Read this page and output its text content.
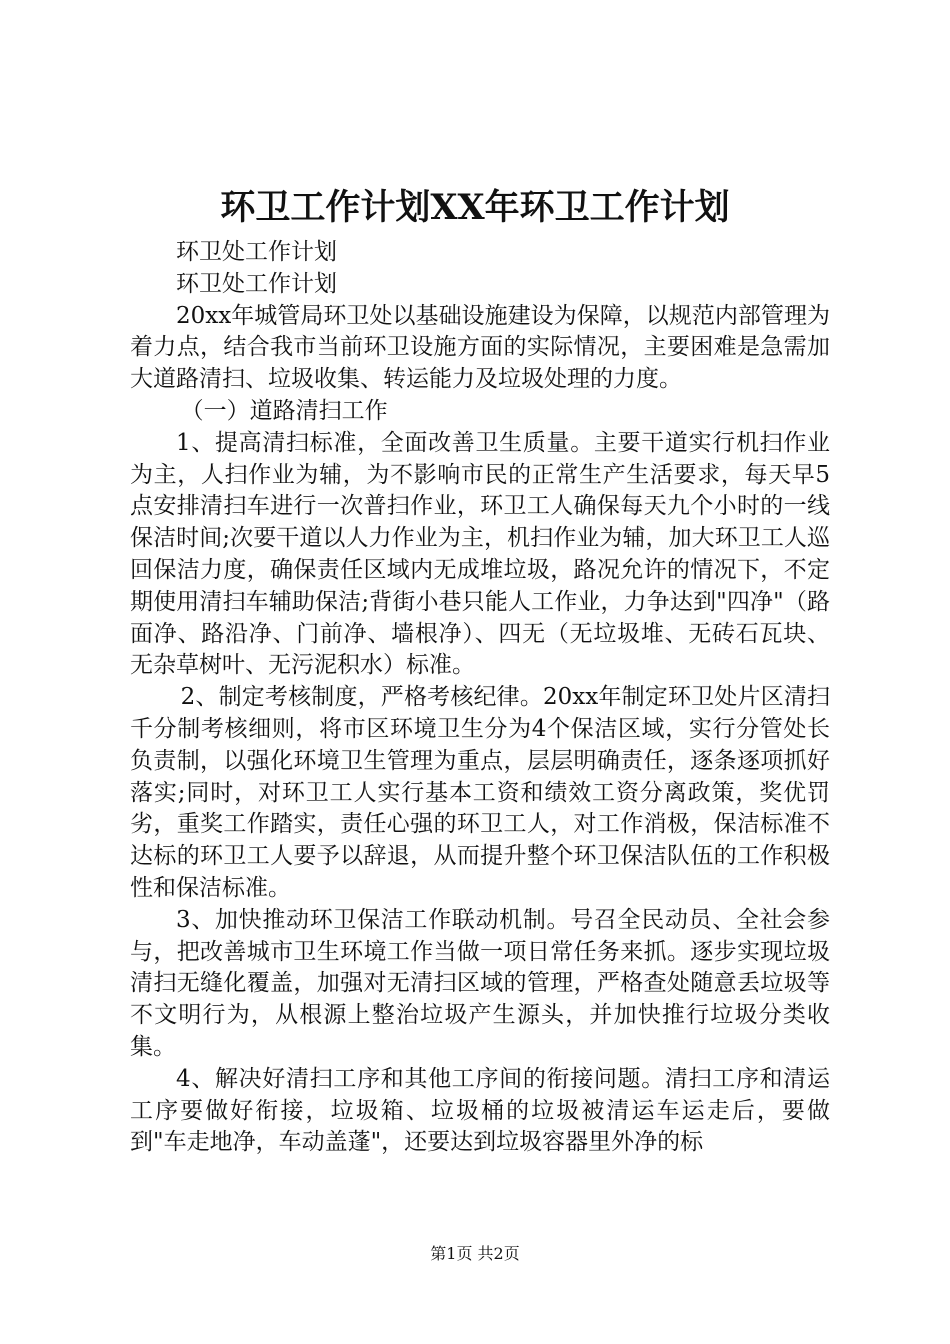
环卫工作计划XX年环卫工作计划

环卫处工作计划

环卫处工作计划

20xx年城管局环卫处以基础设施建设为保障，以规范内部管理为着力点，结合我市当前环卫设施方面的实际情况，主要困难是急需加大道路清扫、垃圾收集、转运能力及垃圾处理的力度。

（一）道路清扫工作

1、提高清扫标准，全面改善卫生质量。主要干道实行机扫作业为主，人扫作业为辅，为不影响市民的正常生产生活要求，每天早5点安排清扫车进行一次普扫作业，环卫工人确保每天九个小时的一线保洁时间;次要干道以人力作业为主，机扫作业为辅，加大环卫工人巡回保洁力度，确保责任区域内无成堆垃圾，路况允许的情况下，不定期使用清扫车辅助保洁;背街小巷只能人工作业，力争达到"四净"（路面净、路沿净、门前净、墙根净）、四无（无垃圾堆、无砖石瓦块、无杂草树叶、无污泥积水）标准。

2、制定考核制度，严格考核纪律。20xx年制定环卫处片区清扫千分制考核细则，将市区环境卫生分为4个保洁区域，实行分管处长负责制，以强化环境卫生管理为重点，层层明确责任，逐条逐项抓好落实;同时，对环卫工人实行基本工资和绩效工资分离政策，奖优罚劣，重奖工作踏实，责任心强的环卫工人，对工作消极，保洁标准不达标的环卫工人要予以辞退，从而提升整个环卫保洁队伍的工作积极性和保洁标准。

3、加快推动环卫保洁工作联动机制。号召全民动员、全社会参与，把改善城市卫生环境工作当做一项日常任务来抓。逐步实现垃圾清扫无缝化覆盖，加强对无清扫区域的管理，严格查处随意丢垃圾等不文明行为，从根源上整治垃圾产生源头，并加快推行垃圾分类收集。

4、解决好清扫工序和其他工序间的衔接问题。清扫工序和清运工序要做好衔接，垃圾箱、垃圾桶的垃圾被清运车运走后，要做到"车走地净，车动盖蓬"，还要达到垃圾容器里外净的标

第1页 共2页
